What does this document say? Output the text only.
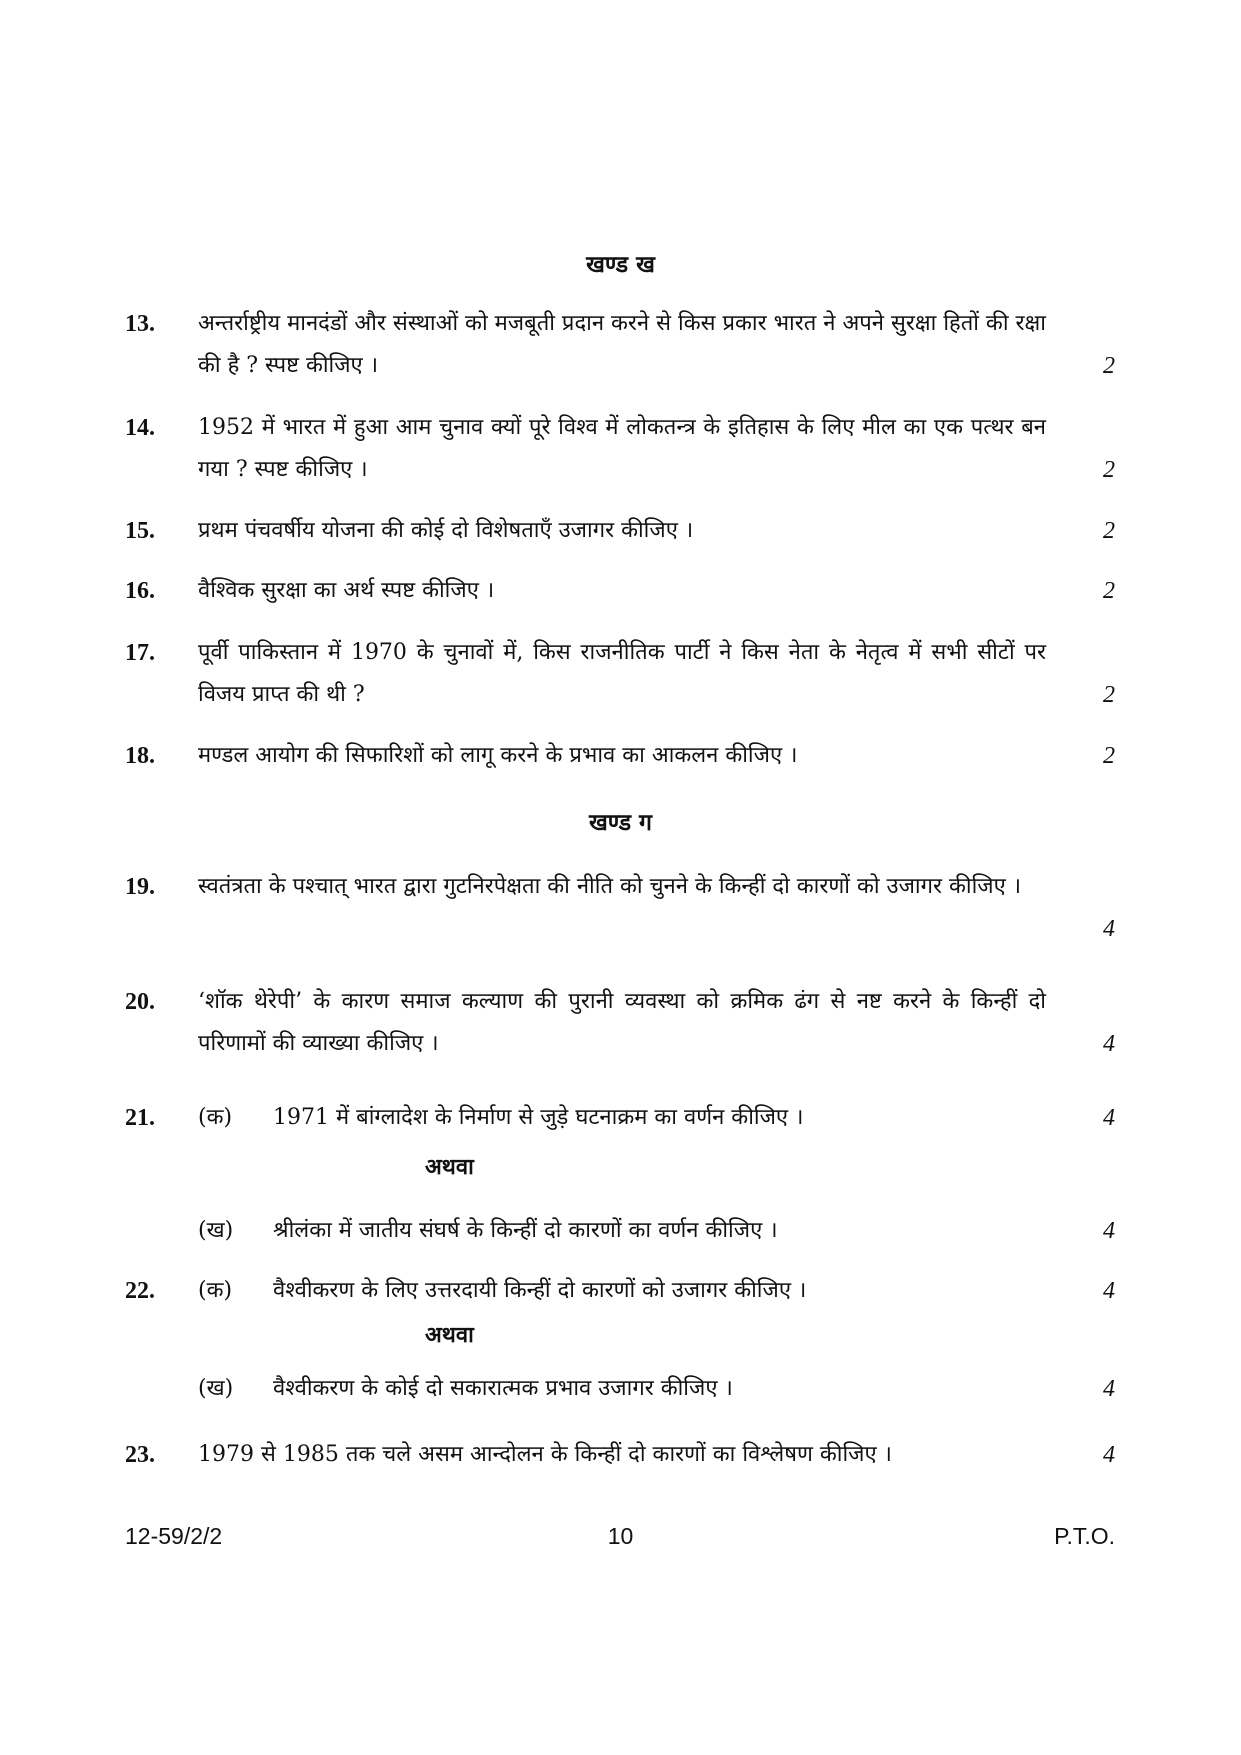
खण्ड ख
13. अन्तर्राष्ट्रीय मानदंडों और संस्थाओं को मजबूती प्रदान करने से किस प्रकार भारत ने अपने सुरक्षा हितों की रक्षा की है ? स्पष्ट कीजिए ।	2
14. 1952 में भारत में हुआ आम चुनाव क्यों पूरे विश्व में लोकतन्त्र के इतिहास के लिए मील का एक पत्थर बन गया ? स्पष्ट कीजिए ।	2
15. प्रथम पंचवर्षीय योजना की कोई दो विशेषताएँ उजागर कीजिए ।	2
16. वैश्विक सुरक्षा का अर्थ स्पष्ट कीजिए ।	2
17. पूर्वी पाकिस्तान में 1970 के चुनावों में, किस राजनीतिक पार्टी ने किस नेता के नेतृत्व में सभी सीटों पर विजय प्राप्त की थी ?	2
18. मण्डल आयोग की सिफारिशों को लागू करने के प्रभाव का आकलन कीजिए ।	2
खण्ड ग
19. स्वतंत्रता के पश्चात् भारत द्वारा गुटनिरपेक्षता की नीति को चुनने के किन्हीं दो कारणों को उजागर कीजिए ।
4
20. ‘शॉक थेरेपी’ के कारण समाज कल्याण की पुरानी व्यवस्था को क्रमिक ढंग से नष्ट करने के किन्हीं दो परिणामों की व्याख्या कीजिए ।	4
21. (क) 1971 में बांग्लादेश के निर्माण से जुड़े घटनाक्रम का वर्णन कीजिए ।	4
अथवा
(ख) श्रीलंका में जातीय संघर्ष के किन्हीं दो कारणों का वर्णन कीजिए ।	4
22. (क) वैश्वीकरण के लिए उत्तरदायी किन्हीं दो कारणों को उजागर कीजिए ।	4
अथवा
(ख) वैश्वीकरण के कोई दो सकारात्मक प्रभाव उजागर कीजिए ।	4
23. 1979 से 1985 तक चले असम आन्दोलन के किन्हीं दो कारणों का विश्लेषण कीजिए ।	4
12-59/2/2	10	P.T.O.
